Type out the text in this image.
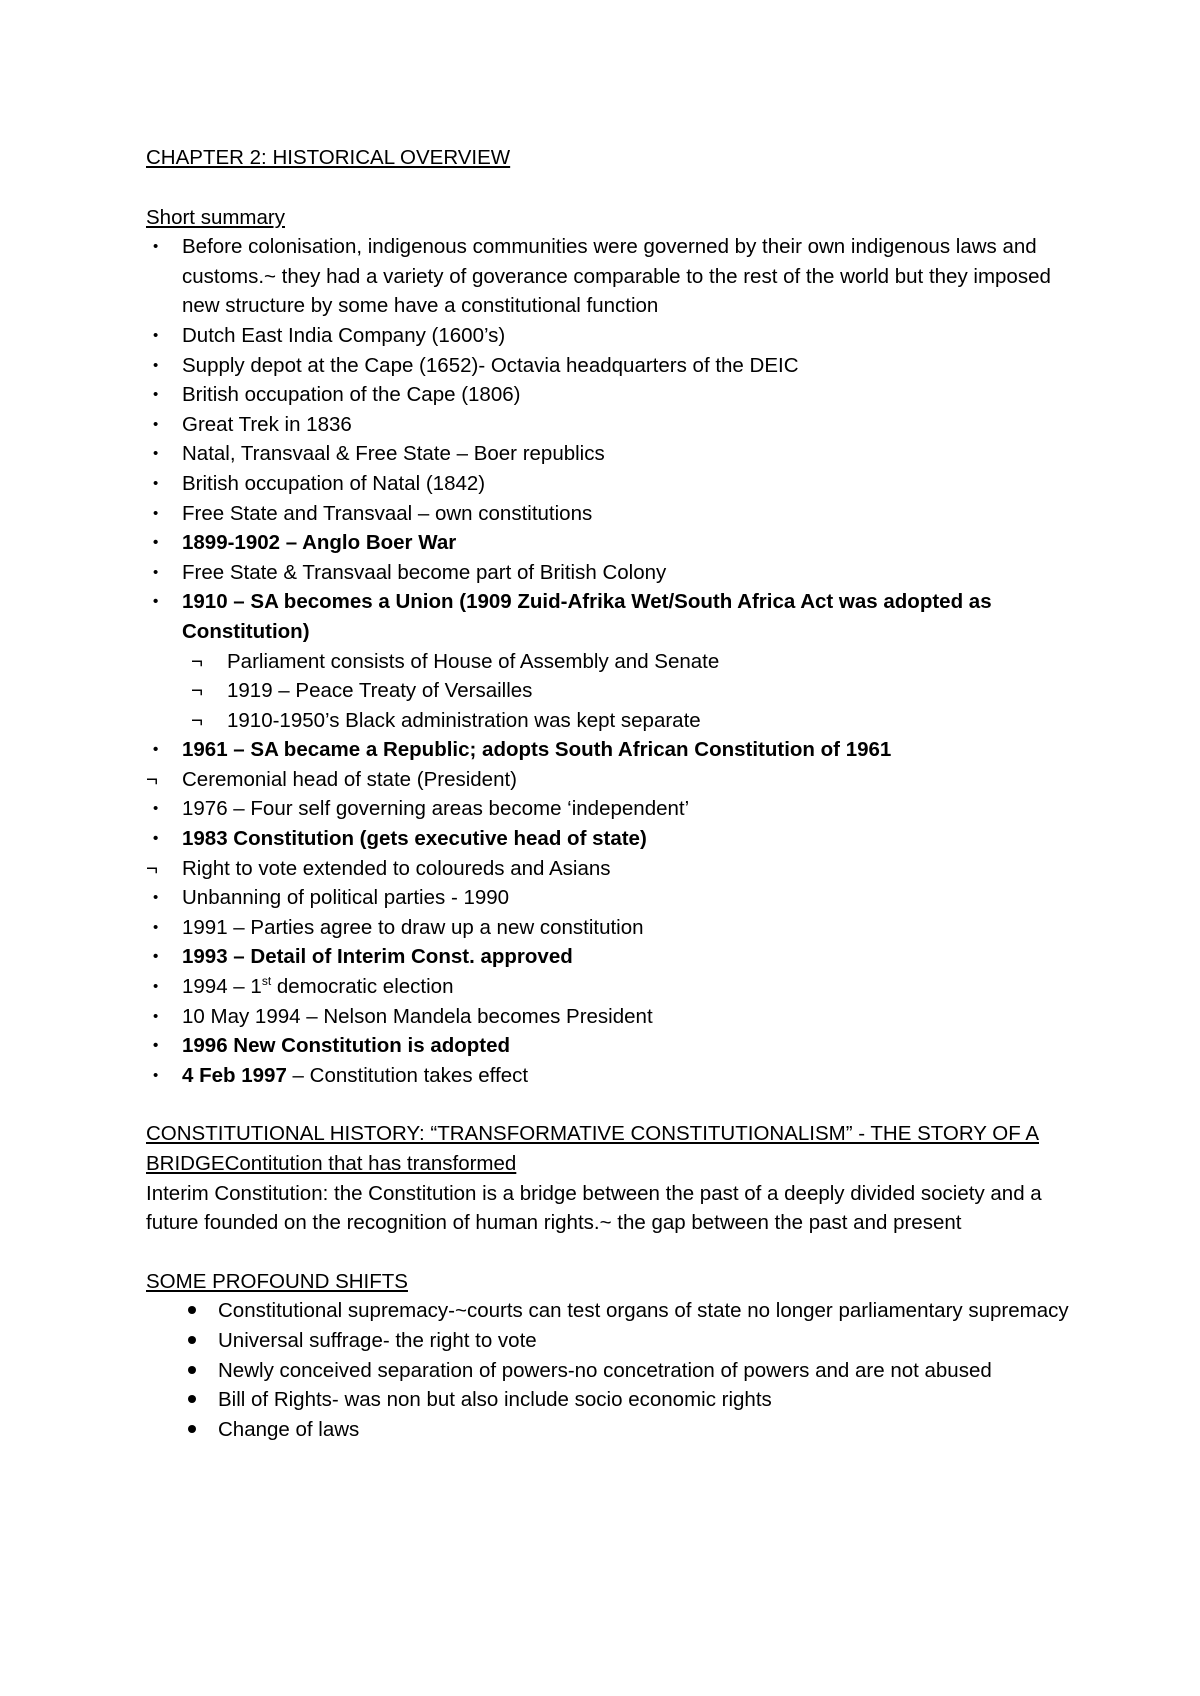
CHAPTER 2: HISTORICAL OVERVIEW
Short summary
• Before colonisation, indigenous communities were governed by their own indigenous laws and customs.~ they had a variety of goverance comparable to the rest of the world but they imposed new structure by some have a constitutional function
• Dutch East India Company (1600’s)
• Supply depot at the Cape (1652)- Octavia headquarters of the DEIC
• British occupation of the Cape (1806)
• Great Trek in 1836
• Natal, Transvaal & Free State – Boer republics
• British occupation of Natal (1842)
• Free State and Transvaal – own constitutions
• 1899-1902 – Anglo Boer War
• Free State & Transvaal become part of British Colony
• 1910 – SA becomes a Union (1909 Zuid-Afrika Wet/South Africa Act was adopted as Constitution)
¬ Parliament consists of House of Assembly and Senate
¬ 1919 – Peace Treaty of Versailles
¬ 1910-1950’s Black administration was kept separate
• 1961 – SA became a Republic; adopts South African Constitution of 1961
¬ Ceremonial head of state (President)
• 1976 – Four self governing areas become ‘independent’
• 1983 Constitution (gets executive head of state)
¬ Right to vote extended to coloureds and Asians
• Unbanning of political parties - 1990
• 1991 – Parties agree to draw up a new constitution
• 1993 – Detail of Interim Const. approved
• 1994 – 1st democratic election
• 10 May 1994 – Nelson Mandela becomes President
• 1996 New Constitution is adopted
• 4 Feb 1997 – Constitution takes effect
CONSTITUTIONAL HISTORY: “TRANSFORMATIVE CONSTITUTIONALISM” - THE STORY OF A BRIDGEContitution that has transformed
Interim Constitution: the Constitution is a bridge between the past of a deeply divided society and a future founded on the recognition of human rights.~ the gap between the past and present
SOME PROFOUND SHIFTS
Constitutional supremacy-~courts can test organs of state no longer parliamentary supremacy
Universal suffrage- the right to vote
Newly conceived separation of powers-no concetration of powers and are not abused
Bill of Rights- was non but also include socio economic rights
Change of laws
